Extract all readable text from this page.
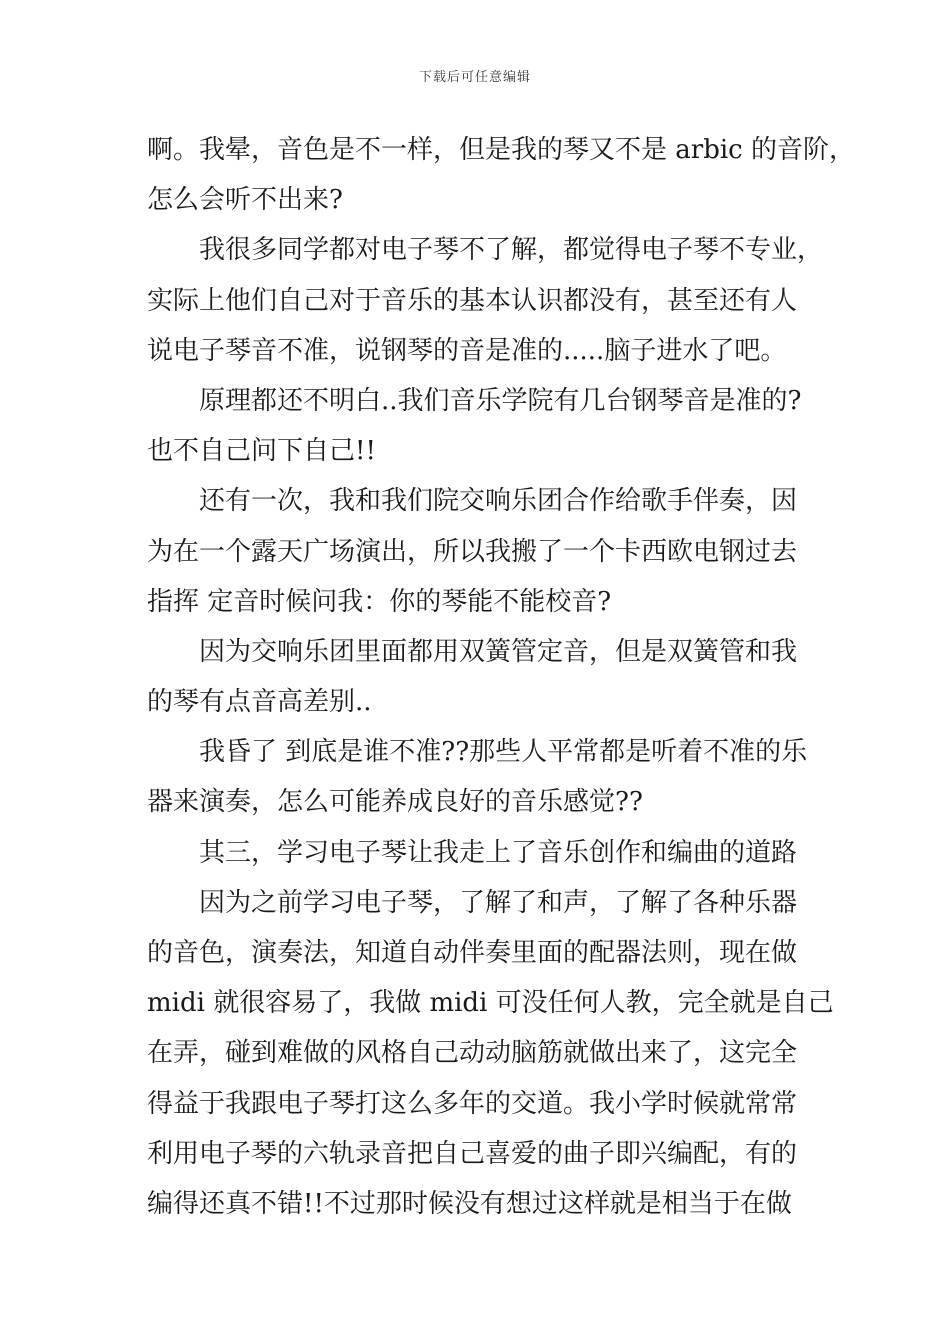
下载后可任意编辑
啊。我晕，音色是不一样，但是我的琴又不是 arbic 的音阶，
怎么会听不出来?
我很多同学都对电子琴不了解，都觉得电子琴不专业，
实际上他们自己对于音乐的基本认识都没有，甚至还有人
说电子琴音不准，说钢琴的音是准的.....脑子进水了吧。
原理都还不明白..我们音乐学院有几台钢琴音是准的?
也不自己问下自己!!
还有一次，我和我们院交响乐团合作给歌手伴奏，因
为在一个露天广场演出，所以我搬了一个卡西欧电钢过去
指挥 定音时候问我：你的琴能不能校音?
因为交响乐团里面都用双簧管定音，但是双簧管和我
的琴有点音高差别..
我昏了 到底是谁不准??那些人平常都是听着不准的乐
器来演奏，怎么可能养成良好的音乐感觉??
其三，学习电子琴让我走上了音乐创作和编曲的道路
因为之前学习电子琴，了解了和声，了解了各种乐器
的音色，演奏法，知道自动伴奏里面的配器法则，现在做
midi 就很容易了，我做 midi 可没任何人教，完全就是自己
在弄，碰到难做的风格自己动动脑筋就做出来了，这完全
得益于我跟电子琴打这么多年的交道。我小学时候就常常
利用电子琴的六轨录音把自己喜爱的曲子即兴编配，有的
编得还真不错!!不过那时候没有想过这样就是相当于在做
